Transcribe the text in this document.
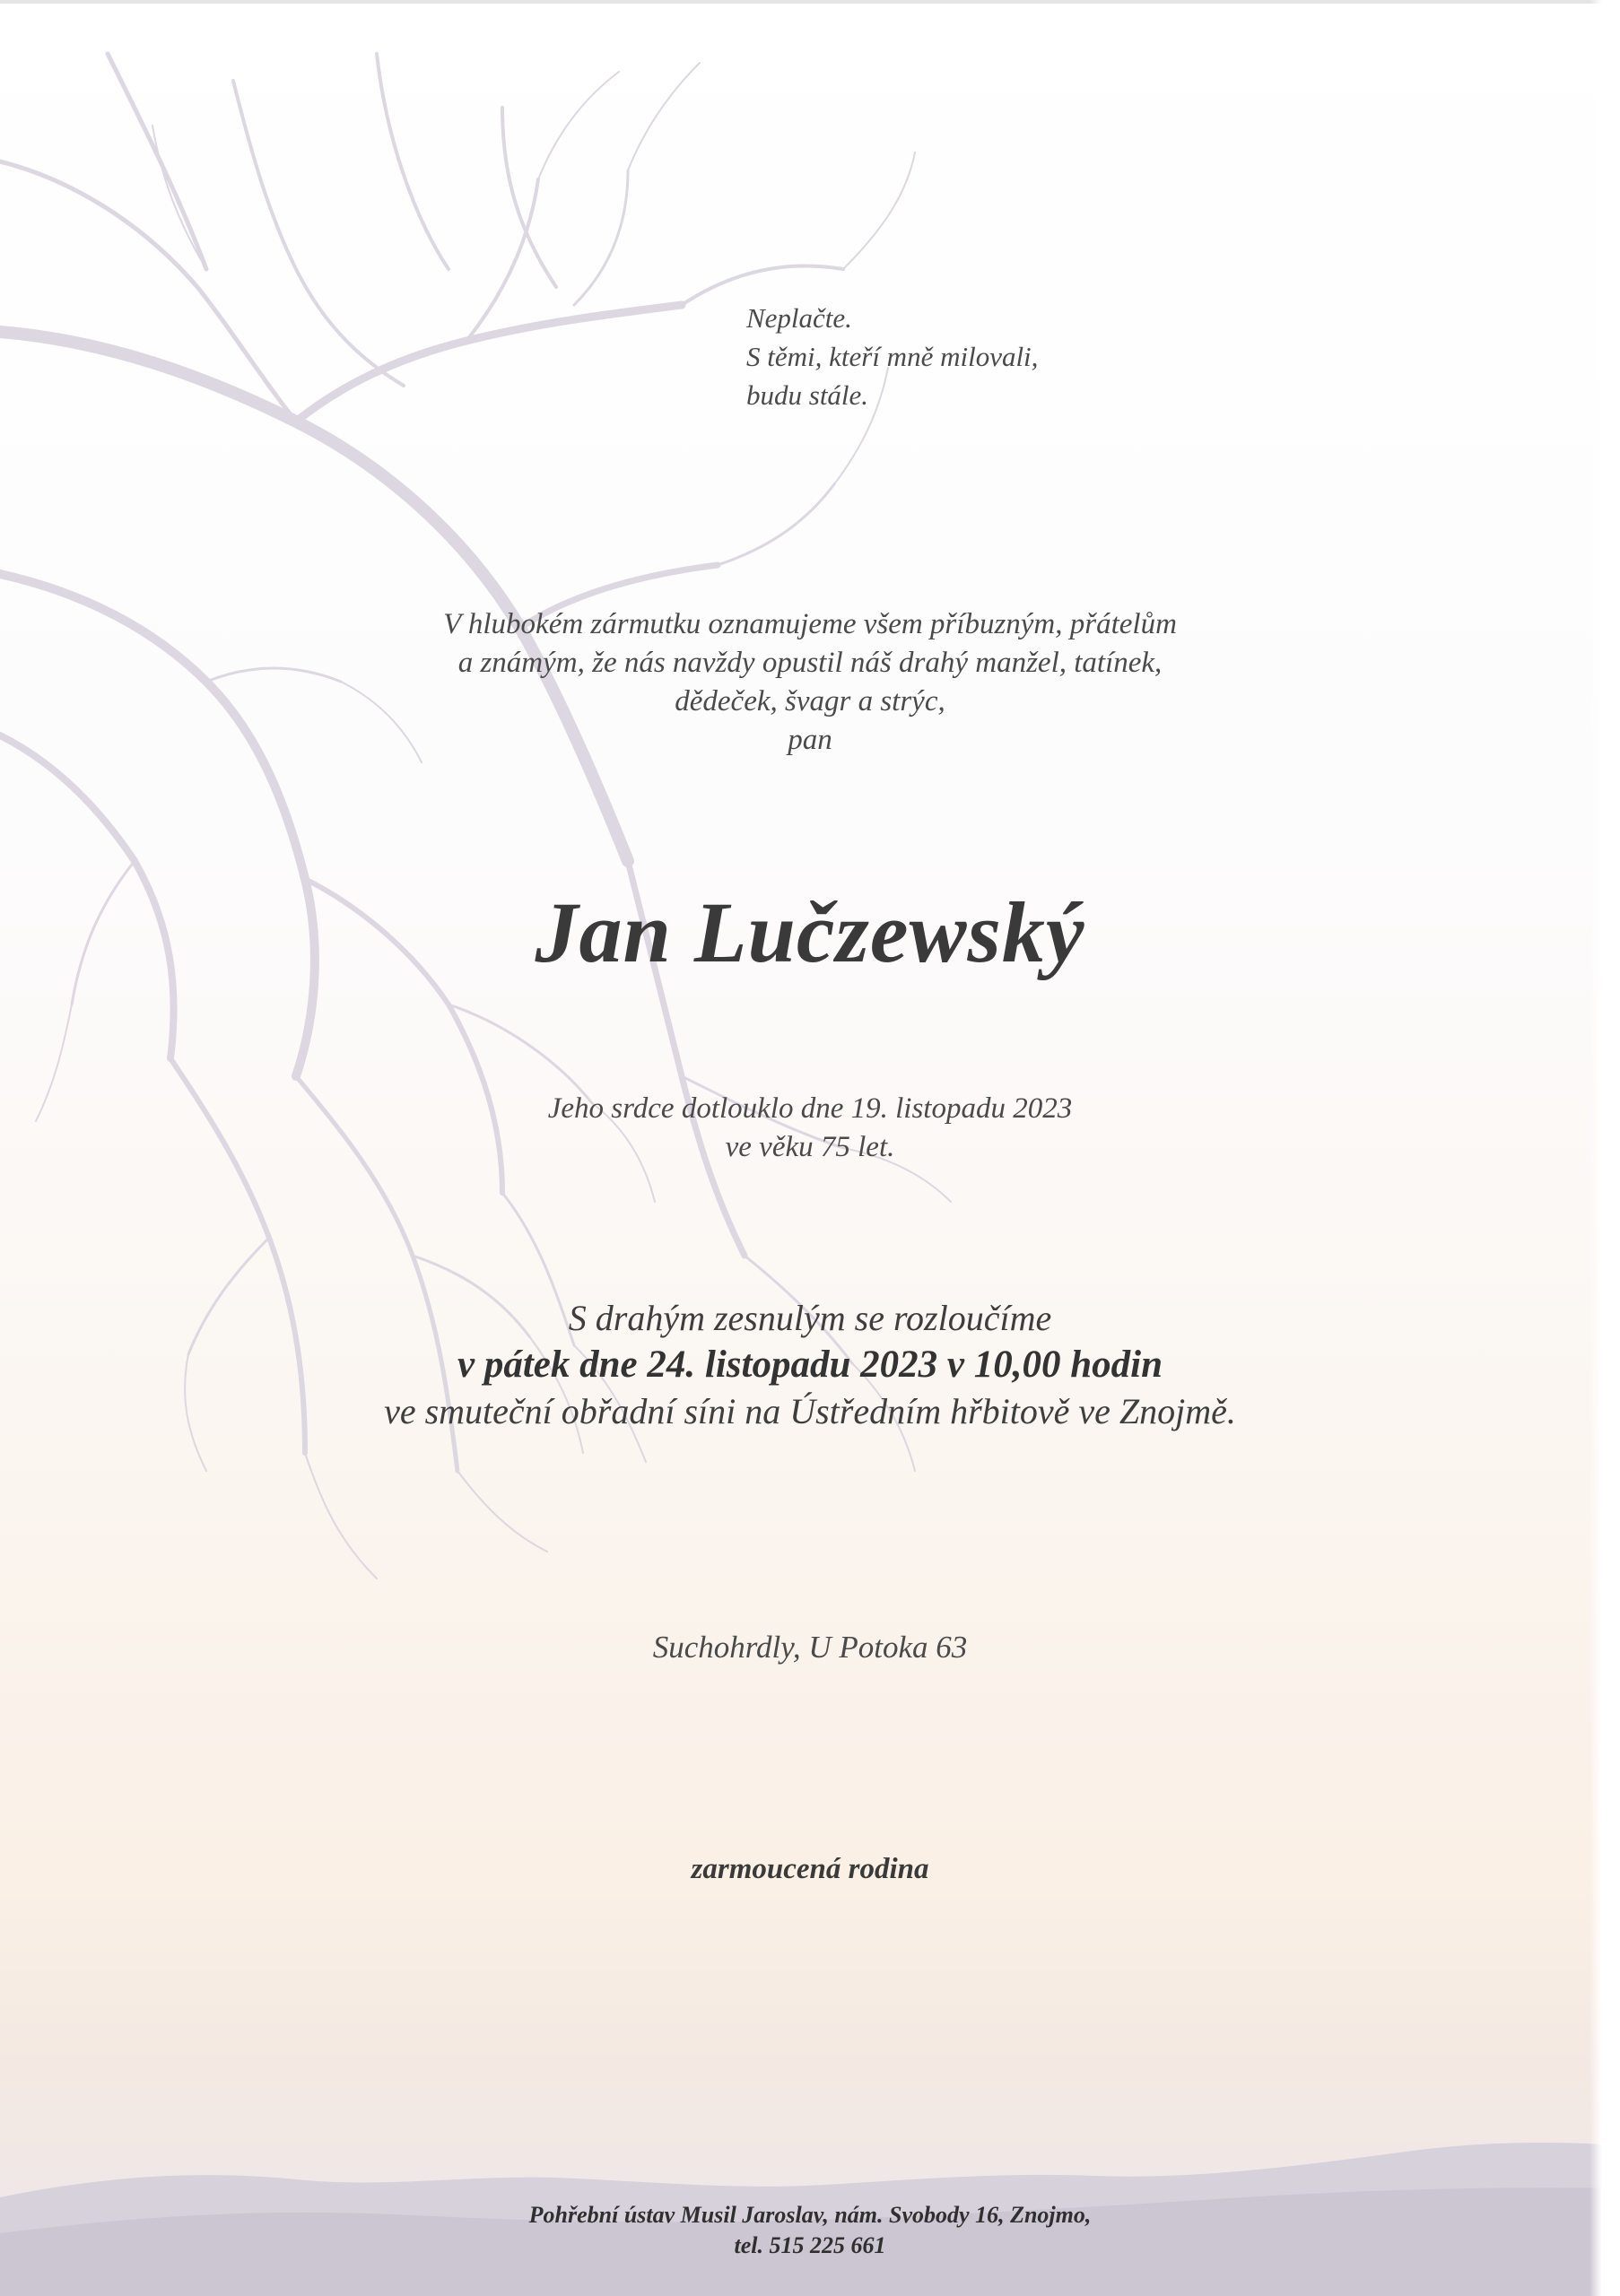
Neplačte.
S těmi, kteří mně milovali,
budu stále.

V hlubokém zármutku oznamujeme všem příbuzným, přátelům
a známým, že nás navždy opustil náš drahý manžel, tatínek,
dědeček, švagr a strýc,
pan

Jan Lučzewský

Jeho srdce dotlouklo dne 19. listopadu 2023
ve věku 75 let.

S drahým zesnulým se rozloučíme
v pátek dne 24. listopadu 2023 v 10,00 hodin
ve smuteční obřadní síni na Ústředním hřbitově ve Znojmě.

Suchohrdly, U Potoka 63

zarmoucená rodina

Pohřební ústav Musil Jaroslav, nám. Svobody 16, Znojmo,
tel. 515 225 661
